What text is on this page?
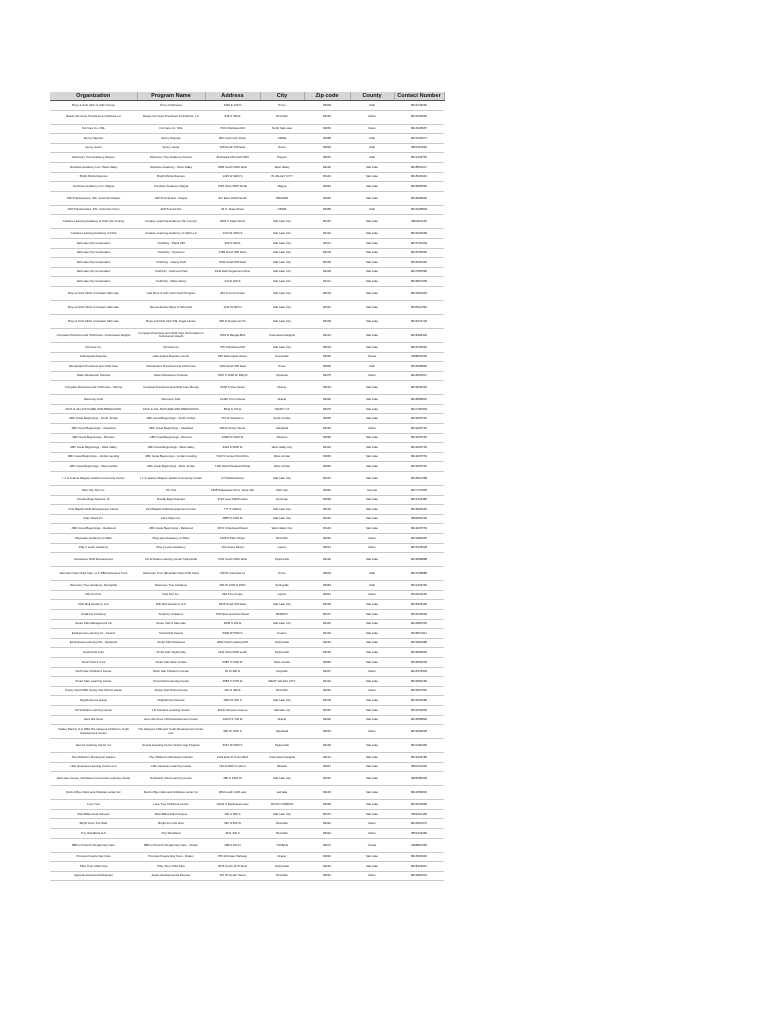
Organization	Program Name	Address	City	Zip code	County	Contact Number
Boys & Girls Club of Utah County	Provo Clubhouse	1060 E 100 N	Provo	84606	Utah	8013746292
Ready Set Grow Preschool & Childcare LC	Ready Set Grow Preschool & Childcare, LC	236 S 350 E	Bountiful	84010	Davis	8012946602
Kid Care Co. NSL	Kid Care Co. NSL	734 N Redwood Rd	North Salt Lake	84054	Davis	8012938657
Sunny Daycare	Sunny Daycare	906 south river street	OREM	84058	Utah	8013106671
sunny center	Sunny center	228 South 100 East	Provo	84606	Utah	3852316602
Discovery Tree Academy Payson	Discovery Tree Academy Payson	1410 East 100 North #D5	Payson	84651	Utah	8013163763
Sunshine Academy LLC- West Valley	Sunshine Academy - West Valley	4589 South 4000 West	West Valley	84120	Salt Lake	8018653417
Bright Minds Daycare	Bright Minds Daycare	1325 W 3200 S	W VALLEY CITY	84119	Salt Lake	8018329216
Sunshine Academy LLC- Magna	Sunshine Academy Magna	7315 West 3500 South	Magna	84044	Salt Lake	8016990500
AMYS Enterprises, INC. Amid Arts Draper	AMYS Amid Arts - Draper	917 East 12300 South	DRAPER	84020	Salt Lake	8013828926
AMYS Enterprises, INC. Amid Arts Orem	AMYS Amid Arts	64 S. State Street	OREM	84058	Utah	8014028803
Creative Learning Academy of Utah (SL County)	Creative Learning Academy (SL County)	2065 S State Street	Salt Lake City	84115	Salt Lake	3854461130
Creative Learning Academy of Utah	Creative Learning Academy of Utah LLC	1110 W 3300 S	Salt Lake City	84119	Salt Lake	8019204699
Salt Lake City Corporation	YouthCity - Plaza 349	349 S 200 E	Salt Lake City	84111	Salt Lake	8015720349
Salt Lake City Corporation	YouthCity - Sorenson	1383 South 900 West	Salt Lake City	84104	Salt Lake	8018706626
Salt Lake City Corporation	YouthCity - Liberty Park	1053 South 600 East	Salt Lake City	84105	Salt Lake	8015220416
Salt Lake City Corporation	YouthCity - Fairmont Park	1040 East Sugarmont Drive	Salt Lake City	84106	Salt Lake	8017060596
Salt Lake City Corporation	YouthCity - Main Library	210 E 400 S	Salt Lake City	84111	Salt Lake	8015816005
Boys & Girls Clubs of Greater Salt Lake	Lied Boys & Girls Club Youth Program	464 S Concord Ave	Salt Lake City	84104	Salt Lake	8013664918
Boys & Girls Clubs of Greater Salt Lake	Spence Eccles Boys & Girls Club	1141 W 300 N	Salt Lake City	84116	Salt Lake	8015311592
Boys & Girls Clubs of Greater Salt Lake	Boys and Girls Club SSL Sugar House	966 E Sugarmont Dr	Salt Lake City	84106	Salt Lake	8014641720
Compass Preschool and Child Care- Cottonwood Heights	Compass Preschool and Child Care 2nd location in Cottonwood Height	2063 E Bengal Blvd	Cottonwood Heights	84121	Salt Lake	8019496440
Kid Care Co.	Kid Care Co	475 S Redwood Rd	Salt Lake City	84104	Salt Lake	8018720620
Little Apples Daycare	Little Apples Daycare Center	825 West Apple Street	Grantsville	84029	Tooele	4358840340
Wonderland Preschool and Child Care	Wonderland Preschool and Child Care	1160 South 500 East	Provo	84606	Utah	8016998960
Dawn Montessori Schools	Dawn Montessori Schools	7810 S 2000 W, Bldg B	Syracuse	84075	Davis	8018252927
Compass Preschool and Child Care - Murray	Compass Preschool and Child Care Murray	5228 S Vine Street	Murray	84123	Salt Lake	8019646440
Discovery Kids	Discovery Kids	12492 S Fort Street	Draper	84020	Salt Lake	8018088915
JACK & JILL DAYCARE AND PRESCHOOL	JACK & JILL DAYCARE AND PRESCHOOL	8641 S 700 E	SANDY UT	84070	Salt Lake	8017150949
ABC Great Beginnings - South Jordan	ABC Great Beginnings - South Jordan	724 W Shields Ln	South Jordan	84095	Salt Lake	8012025754
ABC Great Beginnings - Clearfield	ABC Great Beginnings - Clearfield	590 E Center Street	Clearfield	84015	Davis	8012025754
ABC Great Beginnings - Riverton	ABC Great Beginnings - Riverton	12820 S 4150 W	Riverton	84096	Salt Lake	8012025754
ABC Great Beginnings - West Valley	ABC Great Beginnings - West Valley	3424 S 3600 W	West Valley City	84119	Salt Lake	8012025754
ABC Great Beginnings - Jordan Landing	ABC Great Beginnings - Jordan Landing	7103 S Center Park Drive	West Jordan	84084	Salt Lake	8012025754
ABC Great Beginnings - West Jordan	ABC Great Beginnings - West Jordan	7160 South Redwood Road	West Jordan	84084	Salt Lake	8012025754
I.J. & Jeanné Wagner Jewish Community Center	I.J. & Jeanné Wagner Jewish Community Center	2 N Medical Drive	Salt Lake City	84113	Salt Lake	8015810098
Park City Tots Inc.	PC Tots	1658 Sidewinder Drive, Suite 410	Park City	84060	Summit	8017170905
Doodle Bugs Daycare, llc	Doodle Bugs Daycare	3724 west 13400 south	Herriman	84096	Salt Lake	8014404480
First Baptist Child Development Center	First Baptist Child Development Center	777 S 1300 E	Salt Lake City	84102	Salt Lake	8015825200
Flam Steps Inc.	Flam Steps Inc.	2885 N 1400 W	Salt Lake City	84116	Salt Lake	3852095106
ABC Great Beginnings - Redwood	ABC Great Beginnings - Redwood	3672 S Redwood Road	West Valley City	84119	Salt Lake	8012025754
PlayLearn Academy on Main	PlayLearn Academy on Main	1525 N Main Street	Bountiful	84010	Davis	8012983350
Play 2 Learn Academy	Play 2 Learn Academy	101 Grace Street	Layton	84041	Davis	8015445328
Grandview Child Development	Lift Scholars Learning Center Taylorsville	4702 South 1900 West	Taylorsville	84129	Salt Lake	8019698888
Mountain View Child Care, LLC DBA Adventure Time	Adventure Time (Mountain View Child Care)	728 W Columbia Ln	Provo	84604	Utah	8013758888
Discovery Tree Academy- Springville	Discovery Tree Academy	684 W 1200 N #200	Springville	84663	Utah	8013163763
Kids Fort Inc.	Kids Fort Inc.	663 S Fort Lane	Layton	84041	Davis	8015441139
Little Moli Academy LLC	little Moli Academy LLC	2815 South 300 East	Salt Lake City	84106	Salt Lake	8015528190
Small Fry Academy	Small Fry Academy	578 West woodrow Street	MURRAY	84107	Salt Lake	8016245248
Green Kids Management Inc	Green Kids 9 Salt Lake	3636 S 200 E	Salt Lake City	84115	Salt Lake	8012800154
EA Express Learning Inc - Kearns	Smart Kids Kearns	5008 W 5030 S	Kearns	84118	Salt Lake	8018672411
EA Express Learning INC - Redwood	Smart Kids Redwood	4890 South redwood Rd	Taylorsville	84123	Salt Lake	8012660680
Smart Kids Corp	Smart Kids Taylorsville	2211 West 6200 south	Taylorsville	84129	Salt Lake	8019669694
Smart Kids 3 Corp	Smart Kids West Jordan	6580 S 1300 W	West Jordan	84084	Salt Lake	8015663278
North Star Children's Center	North Star Children's Center	30 W 300 N	Kaysville	84037	Davis	8016478903
Smart Start Learning Center	Smart Start Learning Center	4558 S 3700 W	WEST VALLEY CITY	84119	Salt Lake	8019665196
Snowy North DBA Snowy Owl School House	Snowy Owl School House	681 N 400 E	Bountiful	84010	Davis	8015607852
Neighborhood House	Neighborhood House	1050 W 500 S	Salt Lake City	84104	Salt Lake	8013634589
Lift Scholars Learning Center	Lift Scholars Learning Center	420 E Simpson Avenue	Salt lake city	84115	Salt Lake	8014618545
Here We Grow	Here We Grow Child Development Center	12423 S 700 W	Draper	84020	Salt Lake	8015088802
Oakley Ranch, LLC DBA The Hangout Children's Youth Development Center	The Hangout Child and Youth Development Center, LLC	960 W 1600 S	Clearfield	84015	Davis	8019258405
Gemini Learning Center Inc	Gemini Learning Center School Age Program	3327 W 6200 S	Taylorsville	84129	Salt Lake	8012400400
The Children's Montessori Garden	The Children's Montessori Garden	2122 East Ft Union Blvd	Cottonwood Heights	84121	Salt Lake	8019436780
Little Geniuses Learning Center LLC	Little Geniuses Learning Center	733 E 5600 S suite A	Midvale	84047	Salt Lake	3852151230
Salt Lake County- Northwest Community Learning Center	Northwest Child Learning Center	380 N 1300 W	Salt Lake City	84116	Salt Lake	3854685329
Rock A Bye Infant and childcare center Inc	Rock A Bye infant and childcare center Inc	3844 south 1100 east	salt lake	84106	Salt Lake	8012686830
Lone Tree	Lone Tree Childrens Center	10441 S Beckstead Lane	SOUTH JORDAN	84095	Salt Lake	8016242669
Miss Billies Kids Kampus	Miss Billies Kids Kampus	230 w 600 S	Salt Lake City	84101	Salt Lake	4356161459
Bright From The Start	Bright from the start	390 N 300 W	Bountiful	84010	Davis	8018361072
Tiny Woodland LLC	Tiny Woodland	36 E 400 S	Bountiful	84010	Davis	3852433296
BBF's Precious People Day Care	BBF's Precious People Day Care - Tooele	288 S 400 N	TOOELE	84074	Tooele	4358824300
Precious People Day Care	Precious People Day Care - Draper	870 E Draper Parkway	Draper	84020	Salt Lake	8016666600
Tillsy Time Child Care	Tillsy Time Child Care	4376 South 1175 West	Taylorsville	84123	Salt Lake	8018418613
Apple Developmental Daycare	Apple Developmental Daycare	415 W Center Street	Bountiful	84010	Davis	8012984444
